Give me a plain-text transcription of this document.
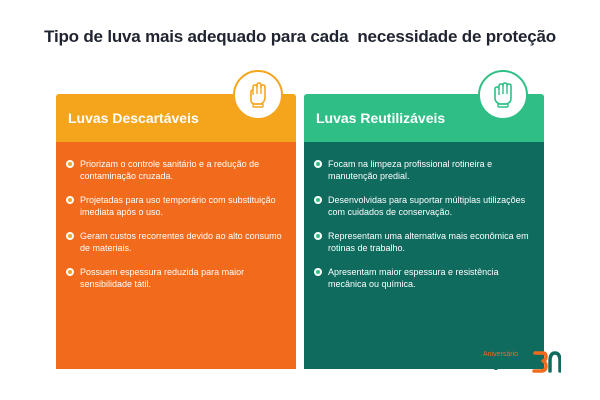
Tipo de luva mais adequado para cada  necessidade de proteção
Luvas Descartáveis
Priorizam o controle sanitário e a redução de contaminação cruzada.
Projetadas para uso temporário com substituição imediata após o uso.
Geram custos recorrentes devido ao alto consumo de materiais.
Possuem espessura reduzida para maior sensibilidade tátil.
Luvas Reutilizáveis
Focam na limpeza profissional rotineira e manutenção predial.
Desenvolvidas para suportar múltiplas utilizações com cuidados de conservação.
Representam uma alternativa mais econômica em rotinas de trabalho.
Apresentam maior espessura e resistência mecânica ou química.
Aniversário
Higiclear
